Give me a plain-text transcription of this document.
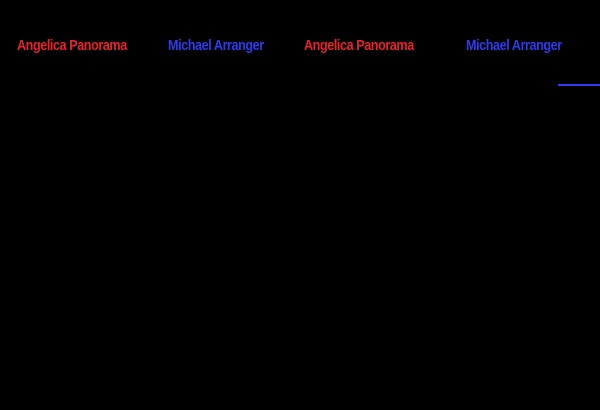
Angelica Panorama	Michael Arranger	Angelica Panorama	Michael Arranger
